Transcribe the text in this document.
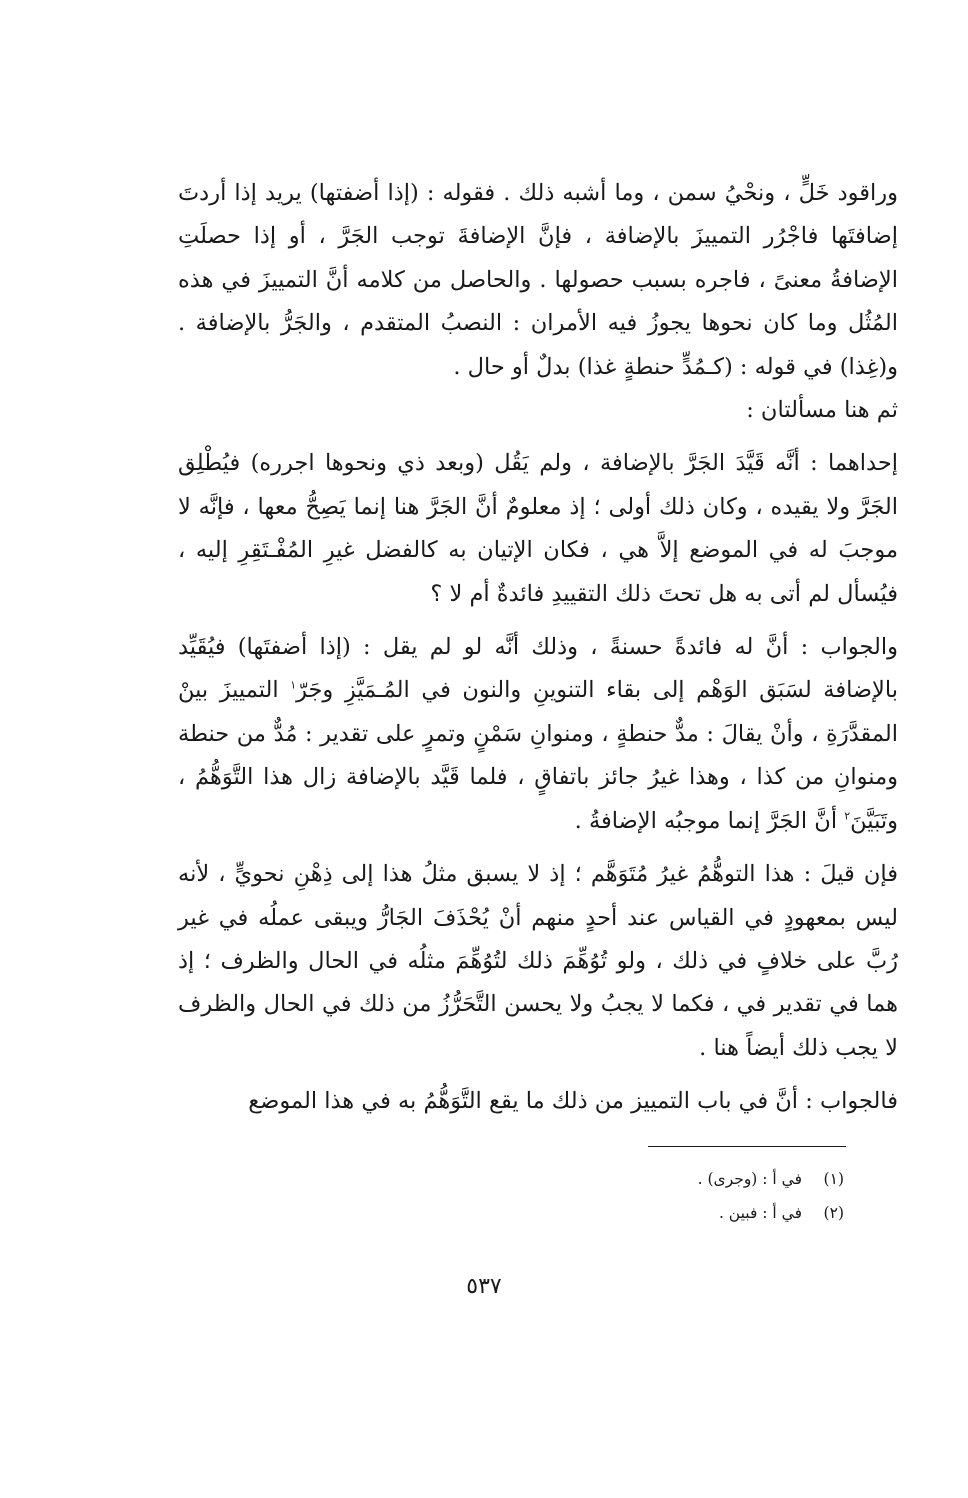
وراقود خَلٍّ ، ونحْيُ سمن ، وما أشبه ذلك . فقوله : (إذا أضفتها) يريد إذا أردتَ إضافتَها فاجْرُر التمييزَ بالإضافة ، فإنَّ الإضافةَ توجب الجَرَّ ، أو إذا حصلَتِ الإضافةُ معنىً ، فاجره بسبب حصولها . والحاصل من كلامه أنَّ التمييزَ في هذه المُثُل وما كان نحوها يجوزُ فيه الأمران : النصبُ المتقدم ، والجَرُّ بالإضافة . و(غِذا) في قوله : (كـمُدٍّ حنطةٍ غذا) بدلٌ أو حال .

ثم هنا مسألتان :

إحداهما : أنَّه قَيَّدَ الجَرَّ بالإضافة ، ولم يَقُل (وبعد ذي ونحوها اجرره) فيُطْلِق الجَرَّ ولا يقيده ، وكان ذلك أولى ؛ إذ معلومٌ أنَّ الجَرَّ هنا إنما يَصِحُّ معها ، فإنَّه لا موجبَ له في الموضع إلاَّ هي ، فكان الإتيان به كالفضل غيرِ المُفْـتَقِرِ إليه ، فيُسأل لم أتى به هل تحتَ ذلك التقييدِ فائدةٌ أم لا ؟

والجواب : أنَّ له فائدةً حسنةً ، وذلك أنَّه لو لم يقل : (إذا أضفتَها) فيُقَيِّد بالإضافة لسَبَق الوَهْم إلى بقاء التنوينِ والنون في المُـمَيَّزِ وجَرّ$^١$ التمييزَ بينْ المقدَّرَةِ ، وأنْ يقالَ : مدٌّ حنطةٍ ، ومنوانِ سَمْنٍ وتمرٍ على تقدير : مُدٌّ من حنطة ومنوانِ من كذا ، وهذا غيرُ جائز باتفاقٍ ، فلما قَيَّد بالإضافة زال هذا التَّوَهُّمُ ، وتَبَيَّنَ$^٢$ أنَّ الجَرَّ إنما موجبُه الإضافةُ .

فإن قيلَ : هذا التوهُّمُ غيرُ مُتَوَهَّم ؛ إذ لا يسبق مثلُ هذا إلى ذِهْنِ نحويٍّ ، لأنه ليس بمعهودٍ في القياس عند أحدٍ منهم أنْ يُحْذَفَ الجَارُّ ويبقى عملُه في غير رُبَّ على خلافٍ في ذلك ، ولو تُوُهِّمَ ذلك لتُوُهِّمَ مثلُه في الحال والظرف ؛ إذ هما في تقدير في ، فكما لا يجبُ ولا يحسن التَّحَرُّزُ من ذلك في الحال والظرف لا يجب ذلك أيضاً هنا .

فالجواب : أنَّ في باب التمييز من ذلك ما يقع التَّوَهُّمُ به في هذا الموضع

(١)
في أ : (وجرى) .
(٢)
في أ : فبين .
٥٣٧
